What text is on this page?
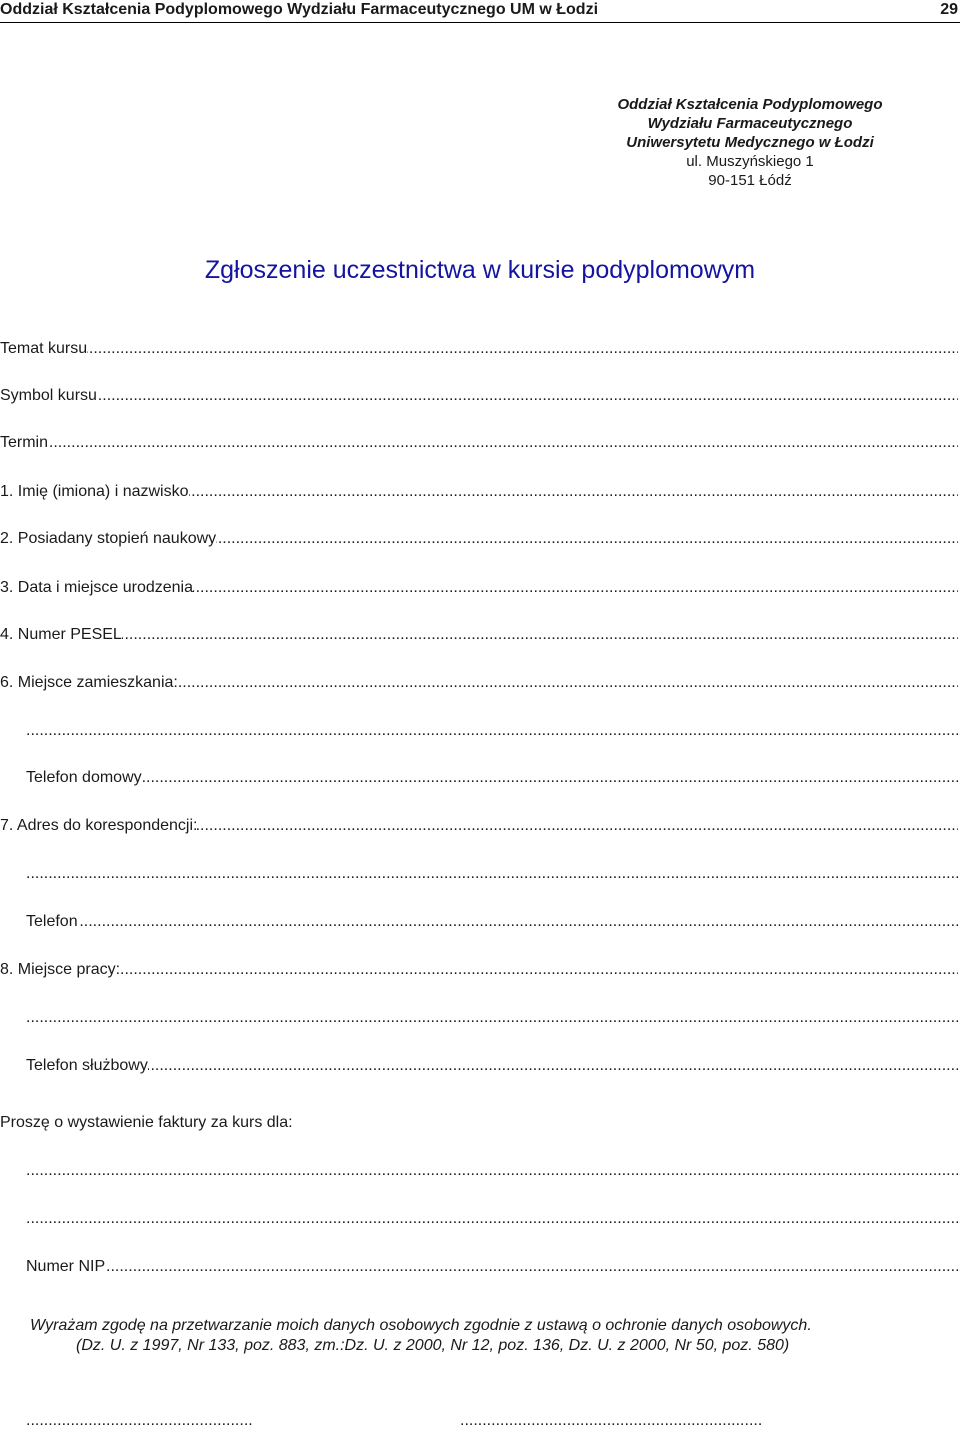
Oddział Kształcenia Podyplomowego Wydziału Farmaceutycznego UM w Łodzi	29
Oddział Kształcenia Podyplomowego
Wydziału Farmaceutycznego
Uniwersytetu Medycznego w Łodzi
ul. Muszyńskiego 1
90-151 Łódź
Zgłoszenie uczestnictwa w kursie podyplomowym
Temat kursu
.....
Symbol kursu
.....
Termin
.....
1. Imię (imiona) i nazwisko
.....
2. Posiadany stopień naukowy
.....
3. Data i miejsce urodzenia
.....
4. Numer PESEL
.....
6. Miejsce zamieszkania:
.....
.....
Telefon domowy
.....
7. Adres do korespondencji:
.....
.....
Telefon
.....
8. Miejsce pracy:
.....
.....
Telefon służbowy
.....
Proszę o wystawienie faktury za kurs dla:
.....
.....
Numer NIP
.....
Wyrażam zgodę na przetwarzanie moich danych osobowych zgodnie z ustawą o ochronie danych osobowych.
(Dz. U. z 1997, Nr 133, poz. 883, zm.:Dz. U. z 2000, Nr 12, poz. 136, Dz. U. z 2000, Nr 50, poz. 580)
...................................................	....................................................................
